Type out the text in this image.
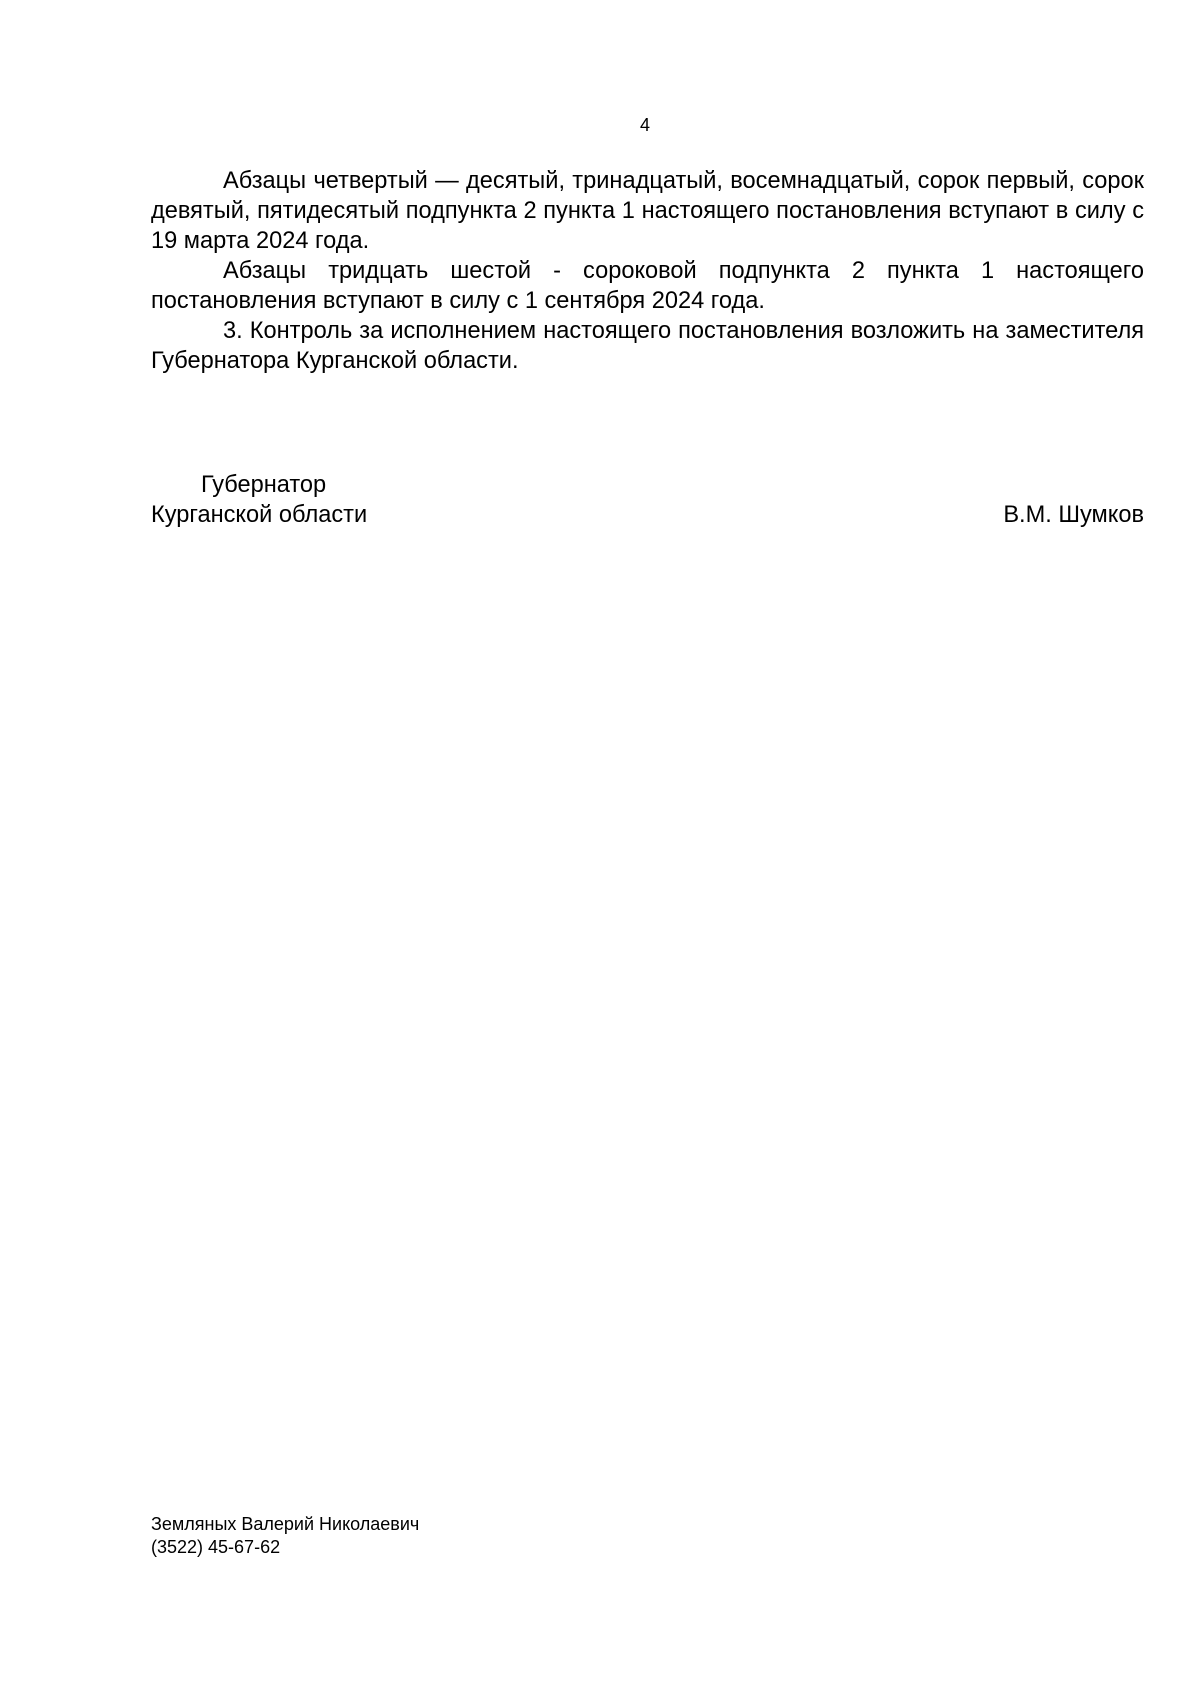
4

Абзацы четвертый — десятый, тринадцатый, восемнадцатый, сорок первый, сорок девятый, пятидесятый подпункта 2 пункта 1 настоящего постановления вступают в силу с 19 марта 2024 года.

Абзацы тридцать шестой - сороковой подпункта 2 пункта 1 настоящего постановления вступают в силу с 1 сентября 2024 года.

3. Контроль за исполнением настоящего постановления возложить на заместителя Губернатора Курганской области.

Губернатор
Курганской области	В.М. Шумков
Земляных Валерий Николаевич
(3522) 45-67-62
